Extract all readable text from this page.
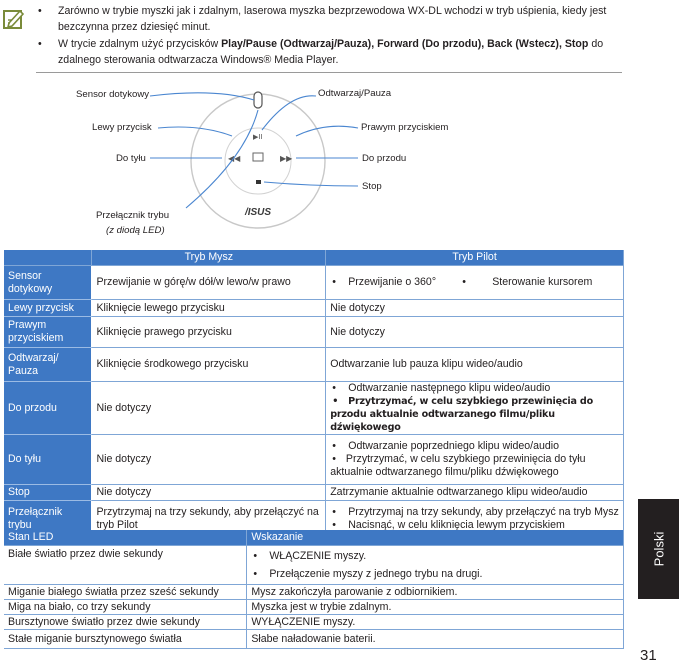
• Zarówno w trybie myszki jak i zdalnym, laserowa myszka bezprzewodowa WX-DL wchodzi w tryb uśpienia, kiedy jest bezczynna przez dziesięć minut.
• W trycie zdalnym użyć przycisków Play/Pause (Odtwarzaj/Pauza), Forward (Do przodu), Back (Wstecz), Stop do zdalnego sterowania odtwarzacza Windows® Media Player.
▶II
◀◀	▶▶
/ISUS
Sensor dotykowy	Odtwarzaj/Pauza
Lewy przycisk	Prawym przyciskiem
Do tyłu	Do przodu
Stop
Przełącznik trybu
(z diodą LED)
	Tryb Mysz	Tryb Pilot
Sensor dotykowy	Przewijanie w górę/w dół/w lewo/w prawo	• Przewijanie o 360° • Sterowanie kursorem
Lewy przycisk	Kliknięcie lewego przycisku	Nie dotyczy
Prawym przyciskiem	Kliknięcie prawego przycisku	Nie dotyczy
Odtwarzaj/ Pauza	Kliknięcie środkowego przycisku	Odtwarzanie lub pauza klipu wideo/audio
Do przodu	Nie dotyczy	• Odtwarzanie następnego klipu wideo/audio
• Przytrzymać, w celu szybkiego przewinięcia do przodu aktualnie odtwarzanego filmu/pliku dźwiękowego

Do tyłu	Nie dotyczy	• Odtwarzanie poprzedniego klipu wideo/audio
• Przytrzymać, w celu szybkiego przewinięcia do tyłu aktualnie odtwarzanego filmu/pliku dźwiękowego

Stop	Nie dotyczy	Zatrzymanie aktualnie odtwarzanego klipu wideo/audio
Przełącznik trybu	Przytrzymaj na trzy sekundy, aby przełączyć na tryb Pilot	• Przytrzymaj na trzy sekundy, aby przełączyć na tryb Mysz
• Nacisnąć, w celu kliknięcia lewym przyciskiem
Stan LED	Wskazanie
Białe światło przez dwie sekundy	• WŁĄCZENIE myszy.
• Przełączenie myszy z jednego trybu na drugi.

Miganie białego światła przez sześć sekundy	Mysz zakończyła parowanie z odbiornikiem.
Miga na biało, co trzy sekundy	Myszka jest w trybie zdalnym.
Bursztynowe światło przez dwie sekundy	WYŁĄCZENIE myszy.
Stałe miganie bursztynowego światła	Słabe naładowanie baterii.
Polski
31
